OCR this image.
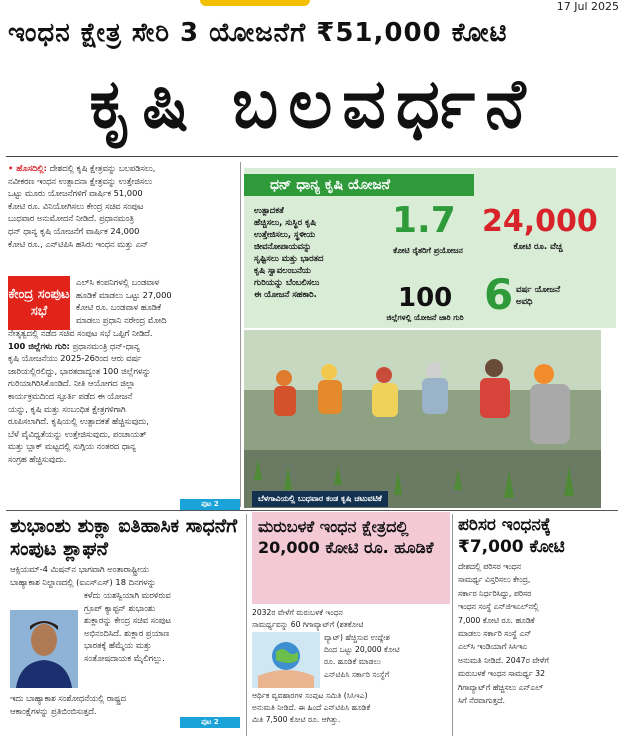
17 Jul 2025
ಇಂಧನ ಕ್ಷೇತ್ರ ಸೇರಿ 3 ಯೋಜನೆಗೆ ₹51,000 ಕೋಟಿ
ಕೃಷಿ ಬಲವರ್ಧನೆ
• ಹೊಸದಿಲ್ಲಿ: ದೇಶದಲ್ಲಿ ಕೃಷಿ ಕ್ಷೇತ್ರವನ್ನು ಬಲಪಡಿಸಲು,
ನವೀಕರಣ ಇಂಧನ ಉತ್ಪಾದನಾ ಕ್ಷೇತ್ರವನ್ನು ಉತ್ತೇಜಿಸಲು
ಒಟ್ಟು ಮೂರು ಯೋಜನೆಗಳಿಗೆ ವಾರ್ಷಿಕ 51,000
ಕೋಟಿ ರೂ. ವಿನಿಯೋಗಿಸಲು ಕೇಂದ್ರ ಸಚಿವ ಸಂಪುಟ
ಬುಧವಾರ ಅನುಮೋದನೆ ನೀಡಿದೆ. ಪ್ರಧಾನಮಂತ್ರಿ
ಧನ್‌ ಧಾನ್ಯ ಕೃಷಿ ಯೋಜನೆಗೆ ವಾರ್ಷಿಕ 24,000
ಕೋಟಿ ರೂ., ಎನ್‌ಟಿಪಿಸಿ ಹಸಿರು ಇಂಧನ ಮತ್ತು ಎನ್‌
ಕೇಂದ್ರ ಸಂಪುಟ ಸಭೆ
ಎಲ್‌ಸಿ ಕಂಪನಿಗಳಲ್ಲಿ ಬಂಡವಾಳ
ಹೂಡಿಕೆ ಮಾಡಲು ಒಟ್ಟು 27,000
ಕೋಟಿ ರೂ. ಬಂಡವಾಳ ಹೂಡಿಕೆ
ಮಾಡಲು ಪ್ರಧಾನಿ ನರೇಂದ್ರ ಮೋದಿ
ನೇತೃತ್ವದಲ್ಲಿ ನಡೆದ ಸಚಿವ ಸಂಪುಟ ಸಭೆ ಒಪ್ಪಿಗೆ ನೀಡಿದೆ.
100 ಜಿಲ್ಲೆಗಳು ಗುರಿ: ಪ್ರಧಾನಮಂತ್ರಿ ಧನ್-ಧಾನ್ಯ
ಕೃಷಿ ಯೋಜನೆಯು 2025-26ರಿಂದ ಆರು ವರ್ಷ
ಜಾರಿಯಲ್ಲಿರಲಿದ್ದು, ಭಾರತದಾದ್ಯಂತ 100 ಜಿಲ್ಲೆಗಳನ್ನು
ಗುರಿಯಾಗಿರಿಸಿಕೊಂಡಿದೆ. ನೀತಿ ಆಯೋಗದ ಜಿಲ್ಲಾ
ಕಾರ್ಯಕ್ರಮದಿಂದ ಸ್ಫೂರ್ತಿ ಪಡೆದ ಈ ಯೋಜನೆ
ಯನ್ನು, ಕೃಷಿ ಮತ್ತು ಸಂಬಂಧಿತ ಕ್ಷೇತ್ರಗಳಿಗಾಗಿ
ರೂಪಿಸಲಾಗಿದೆ. ಕೃಷಿಯಲ್ಲಿ ಉತ್ಪಾದಕತೆ ಹೆಚ್ಚಿಸುವುದು,
ಬೆಳೆ ವೈವಿಧ್ಯತೆಯನ್ನು ಉತ್ತೇಜಿಸುವುದು, ಪಂಚಾಯತ್‌
ಮತ್ತು ಬ್ಲಾಕ್‌ ಮಟ್ಟದಲ್ಲಿ ಸುಗ್ಗಿಯ ನಂತರದ ಧಾನ್ಯ
ಸಂಗ್ರಹ ಹೆಚ್ಚಿಸುವುದು.
ಪುಟ 2
ಧನ್‌ ಧಾನ್ಯ ಕೃಷಿ ಯೋಜನೆ
ಉತ್ಪಾದಕತೆ
ಹೆಚ್ಚಿಸಲು, ಸುಸ್ಥಿರ ಕೃಷಿ
ಉತ್ತೇಜಿಸಲು, ಸ್ಥಳೀಯ
ಜೀವನೋಪಾಯವನ್ನು
ಸೃಷ್ಟಿಸಲು ಮತ್ತು ಭಾರತದ
ಕೃಷಿ ಸ್ವಾವಲಂಬನೆಯ
ಗುರಿಯನ್ನು ಬೆಂಬಲಿಸಲು
ಈ ಯೋಜನೆ ಸಹಕಾರಿ.
1.7
ಕೋಟಿ ರೈತರಿಗೆ ಪ್ರಯೋಜನ
24,000
ಕೋಟಿ ರೂ. ವೆಚ್ಚ
100
ಜಿಲ್ಲೆಗಳಲ್ಲಿ ಯೋಜನೆ ಜಾರಿ ಗುರಿ 6 ವರ್ಷ ಯೋಜನೆ ಅವಧಿ
ಬೆಳಗಾವಿಯಲ್ಲಿ ಬುಧವಾರ ಕಂಡ ಕೃಷಿ ಚಟುವಟಿಕೆ
ಶುಭಾಂಶು ಶುಕ್ಲಾ ಐತಿಹಾಸಿಕ ಸಾಧನೆಗೆ ಸಂಪುಟ ಶ್ಲಾಘನೆ
ಆಕ್ಸಿಯಮ್‌-4 ಮಿಷನ್‌ನ ಭಾಗವಾಗಿ ಅಂತಾರಾಷ್ಟ್ರೀಯ
ಬಾಹ್ಯಾಕಾಶ ನಿಲ್ದಾಣದಲ್ಲಿ (ಐಎಸ್‌ಎಸ್‌) 18 ದಿನಗಳನ್ನು
ಕಳೆದು ಯಶಸ್ವಿಯಾಗಿ ಮರಳಿರುವ
ಗ್ರೂಪ್‌ ಕ್ಯಾಪ್ಟನ್‌ ಶುಭಾಂಶು
ಶುಕ್ಲಾರನ್ನು ಕೇಂದ್ರ ಸಚಿವ ಸಂಪುಟ
ಅಭಿನಂದಿಸಿದೆ. ಶುಕ್ಲಾರ ಪ್ರಯಾಣ
ಭಾರತಕ್ಕೆ ಹೆಮ್ಮೆಯ ಮತ್ತು
ಸಂತೋಷದಾಯಕ ಮೈಲಿಗಲ್ಲು.
ಇದು ಬಾಹ್ಯಾಕಾಶ ಸಂಶೋಧನೆಯಲ್ಲಿ ರಾಷ್ಟ್ರದ
ಆಕಾಂಕ್ಷೆಗಳನ್ನು ಪ್ರತಿಬಿಂಬಿಸುತ್ತದೆ.
ಪುಟ 2
ಮರುಬಳಕೆ ಇಂಧನ ಕ್ಷೇತ್ರದಲ್ಲಿ 20,000 ಕೋಟಿ ರೂ. ಹೂಡಿಕೆ
2032ರ ವೇಳೆಗೆ ಮರುಬಳಕೆ ಇಂಧನ
ಸಾಮರ್ಥ್ಯವನ್ನು 60 ಗಿಗಾವ್ಯಾಟ್‌ಗೆ (ಶತಕೋಟಿ
ವ್ಯಾಟ್‌) ಹೆಚ್ಚಿಸುವ ಉದ್ದೇಶ
ದಿಂದ ಒಟ್ಟು 20,000 ಕೋಟಿ
ರೂ. ಹೂಡಿಕೆ ಮಾಡಲು
ಎನ್‌ಟಿಪಿಸಿ ಸರ್ಕಾರಿ ಸಂಸ್ಥೆಗೆ
ಆರ್ಥಿಕ ವ್ಯವಹಾರಗಳ ಸಂಪುಟ ಸಮಿತಿ (ಸಿಸಿಇಎ)
ಅನುಮತಿ ನೀಡಿದೆ. ಈ ಹಿಂದೆ ಎನ್‌ಟಿಪಿಸಿ ಹೂಡಿಕೆ
ಮಿತಿ 7,500 ಕೋಟಿ ರೂ. ಆಗಿತ್ತು.
ಪರಿಸರ ಇಂಧನಕ್ಕೆ
₹7,000 ಕೋಟಿ
ದೇಶದಲ್ಲಿ ಪರಿಸರ ಇಂಧನ
ಸಾಮರ್ಥ್ಯ ವಿಸ್ತರಿಸಲು ಕೇಂದ್ರ,
ಸರ್ಕಾರ ನಿರ್ಧರಿಸಿದ್ದು, ಪರಿಸರ
ಇಂಧನ ಸಂಸ್ಥೆ ಎನ್‌ಜಿಇಎಲ್‌ನಲ್ಲಿ
7,000 ಕೋಟಿ ರೂ. ಹೂಡಿಕೆ
ಮಾಡಲು ಸರ್ಕಾರಿ ಸಂಸ್ಥೆ ಎನ್‌
ಎಲ್‌ಸಿ ಇಂಡಿಯಾಗೆ ಸಿಸಿಇಎ
ಅನುಮತಿ ನೀಡಿದೆ. 2047ರ ವೇಳೆಗೆ
ಮರುಬಳಕೆ ಇಂಧನ ಸಾಮರ್ಥ್ಯ 32
ಗಿಗಾವ್ಯಾಟ್‌ಗೆ ಹೆಚ್ಚಿಸಲು ಎನ್‌ಎಲ್‌
ಸಿಗೆ ನೆರವಾಗುತ್ತದೆ.
